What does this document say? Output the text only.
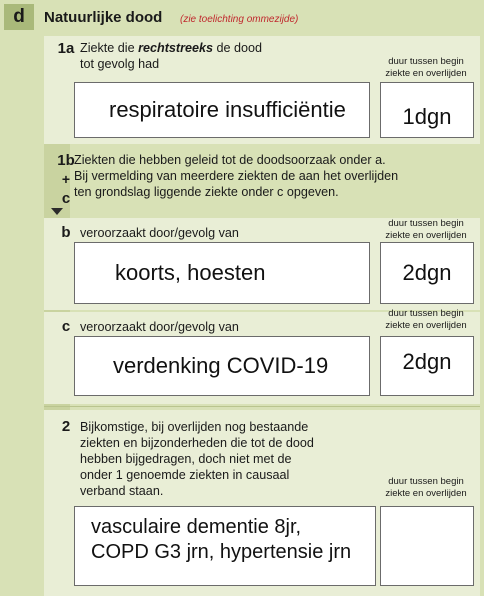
d	Natuurlijke dood (zie toelichting ommezijde)
1a Ziekte die rechtstreeks de dood
tot gevolg had	duur tussen begin
ziekte en overlijden
respiratoire insufficiëntie	1dgn
1b
+
c
Ziekten die hebben geleid tot de doodsoorzaak onder a.
Bij vermelding van meerdere ziekten de aan het overlijden
ten grondslag liggende ziekte onder c opgeven.
b veroorzaakt door/gevolg van
duur tussen begin
ziekte en overlijden
koorts, hoesten	2dgn
c veroorzaakt door/gevolg van
duur tussen begin
ziekte en overlijden
verdenking COVID-19	2dgn
2 Bijkomstige, bij overlijden nog bestaande
ziekten en bijzonderheden die tot de dood
hebben bijgedragen, doch niet met de
onder 1 genoemde ziekten in causaal
verband staan.
duur tussen begin
ziekte en overlijden
vasculaire dementie 8jr,
COPD G3 jrn, hypertensie jrn
